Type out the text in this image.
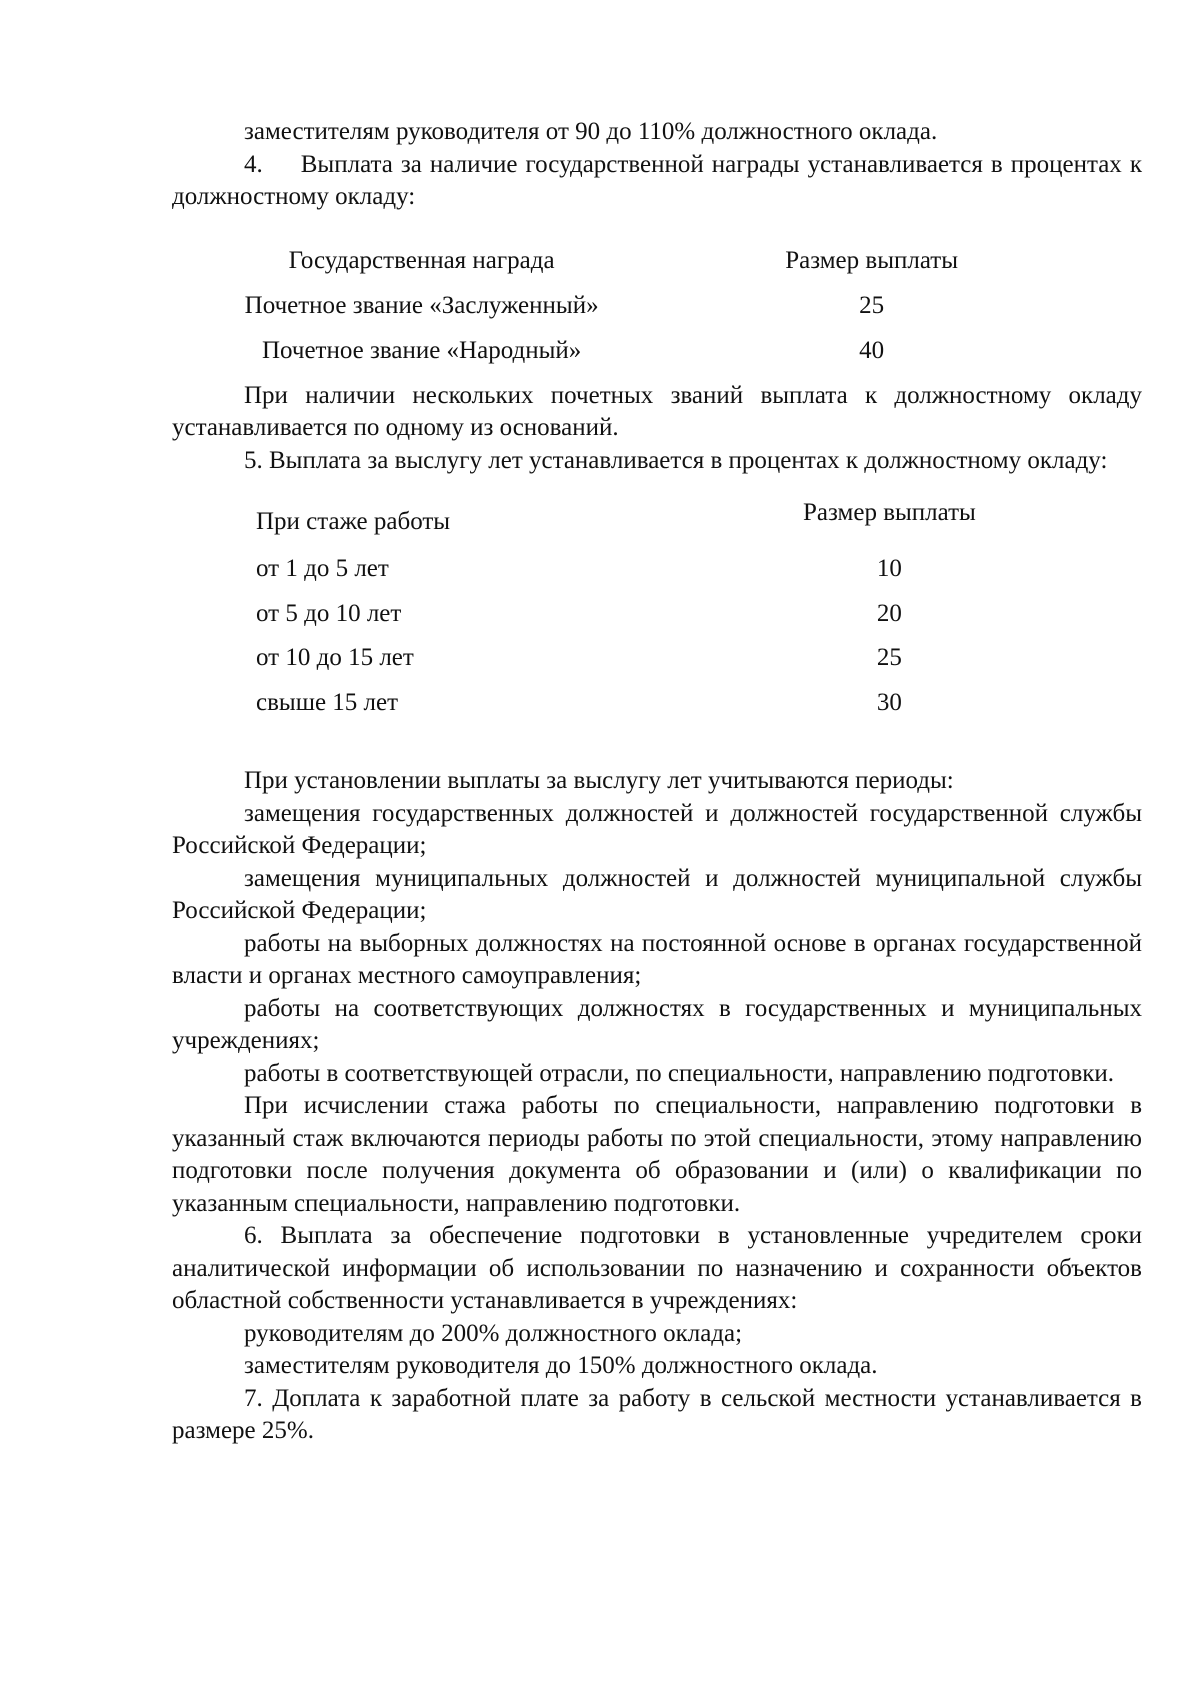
заместителям руководителя от 90 до 110% должностного оклада.

4. Выплата за наличие государственной награды устанавливается в процентах к должностному окладу:

Государственная награда	Размер выплаты
Почетное звание «Заслуженный»	25
Почетное звание «Народный»	40

При наличии нескольких почетных званий выплата к должностному окладу устанавливается по одному из оснований.

5. Выплата за выслугу лет устанавливается в процентах к должностному окладу:

При стаже работы	Размер выплаты
от 1 до 5 лет	10
от 5 до 10 лет	20
от 10 до 15 лет	25
свыше 15 лет	30

При установлении выплаты за выслугу лет учитываются периоды:

замещения государственных должностей и должностей государственной службы Российской Федерации;

замещения муниципальных должностей и должностей муниципальной службы Российской Федерации;

работы на выборных должностях на постоянной основе в органах государственной власти и органах местного самоуправления;

работы на соответствующих должностях в государственных и муниципальных учреждениях;

работы в соответствующей отрасли, по специальности, направлению подготовки.

При исчислении стажа работы по специальности, направлению подготовки в указанный стаж включаются периоды работы по этой специальности, этому направлению подготовки после получения документа об образовании и (или) о квалификации по указанным специальности, направлению подготовки.

6. Выплата за обеспечение подготовки в установленные учредителем сроки аналитической информации об использовании по назначению и сохранности объектов областной собственности устанавливается в учреждениях:

руководителям до 200% должностного оклада;

заместителям руководителя до 150% должностного оклада.

7. Доплата к заработной плате за работу в сельской местности устанавливается в размере 25%.
